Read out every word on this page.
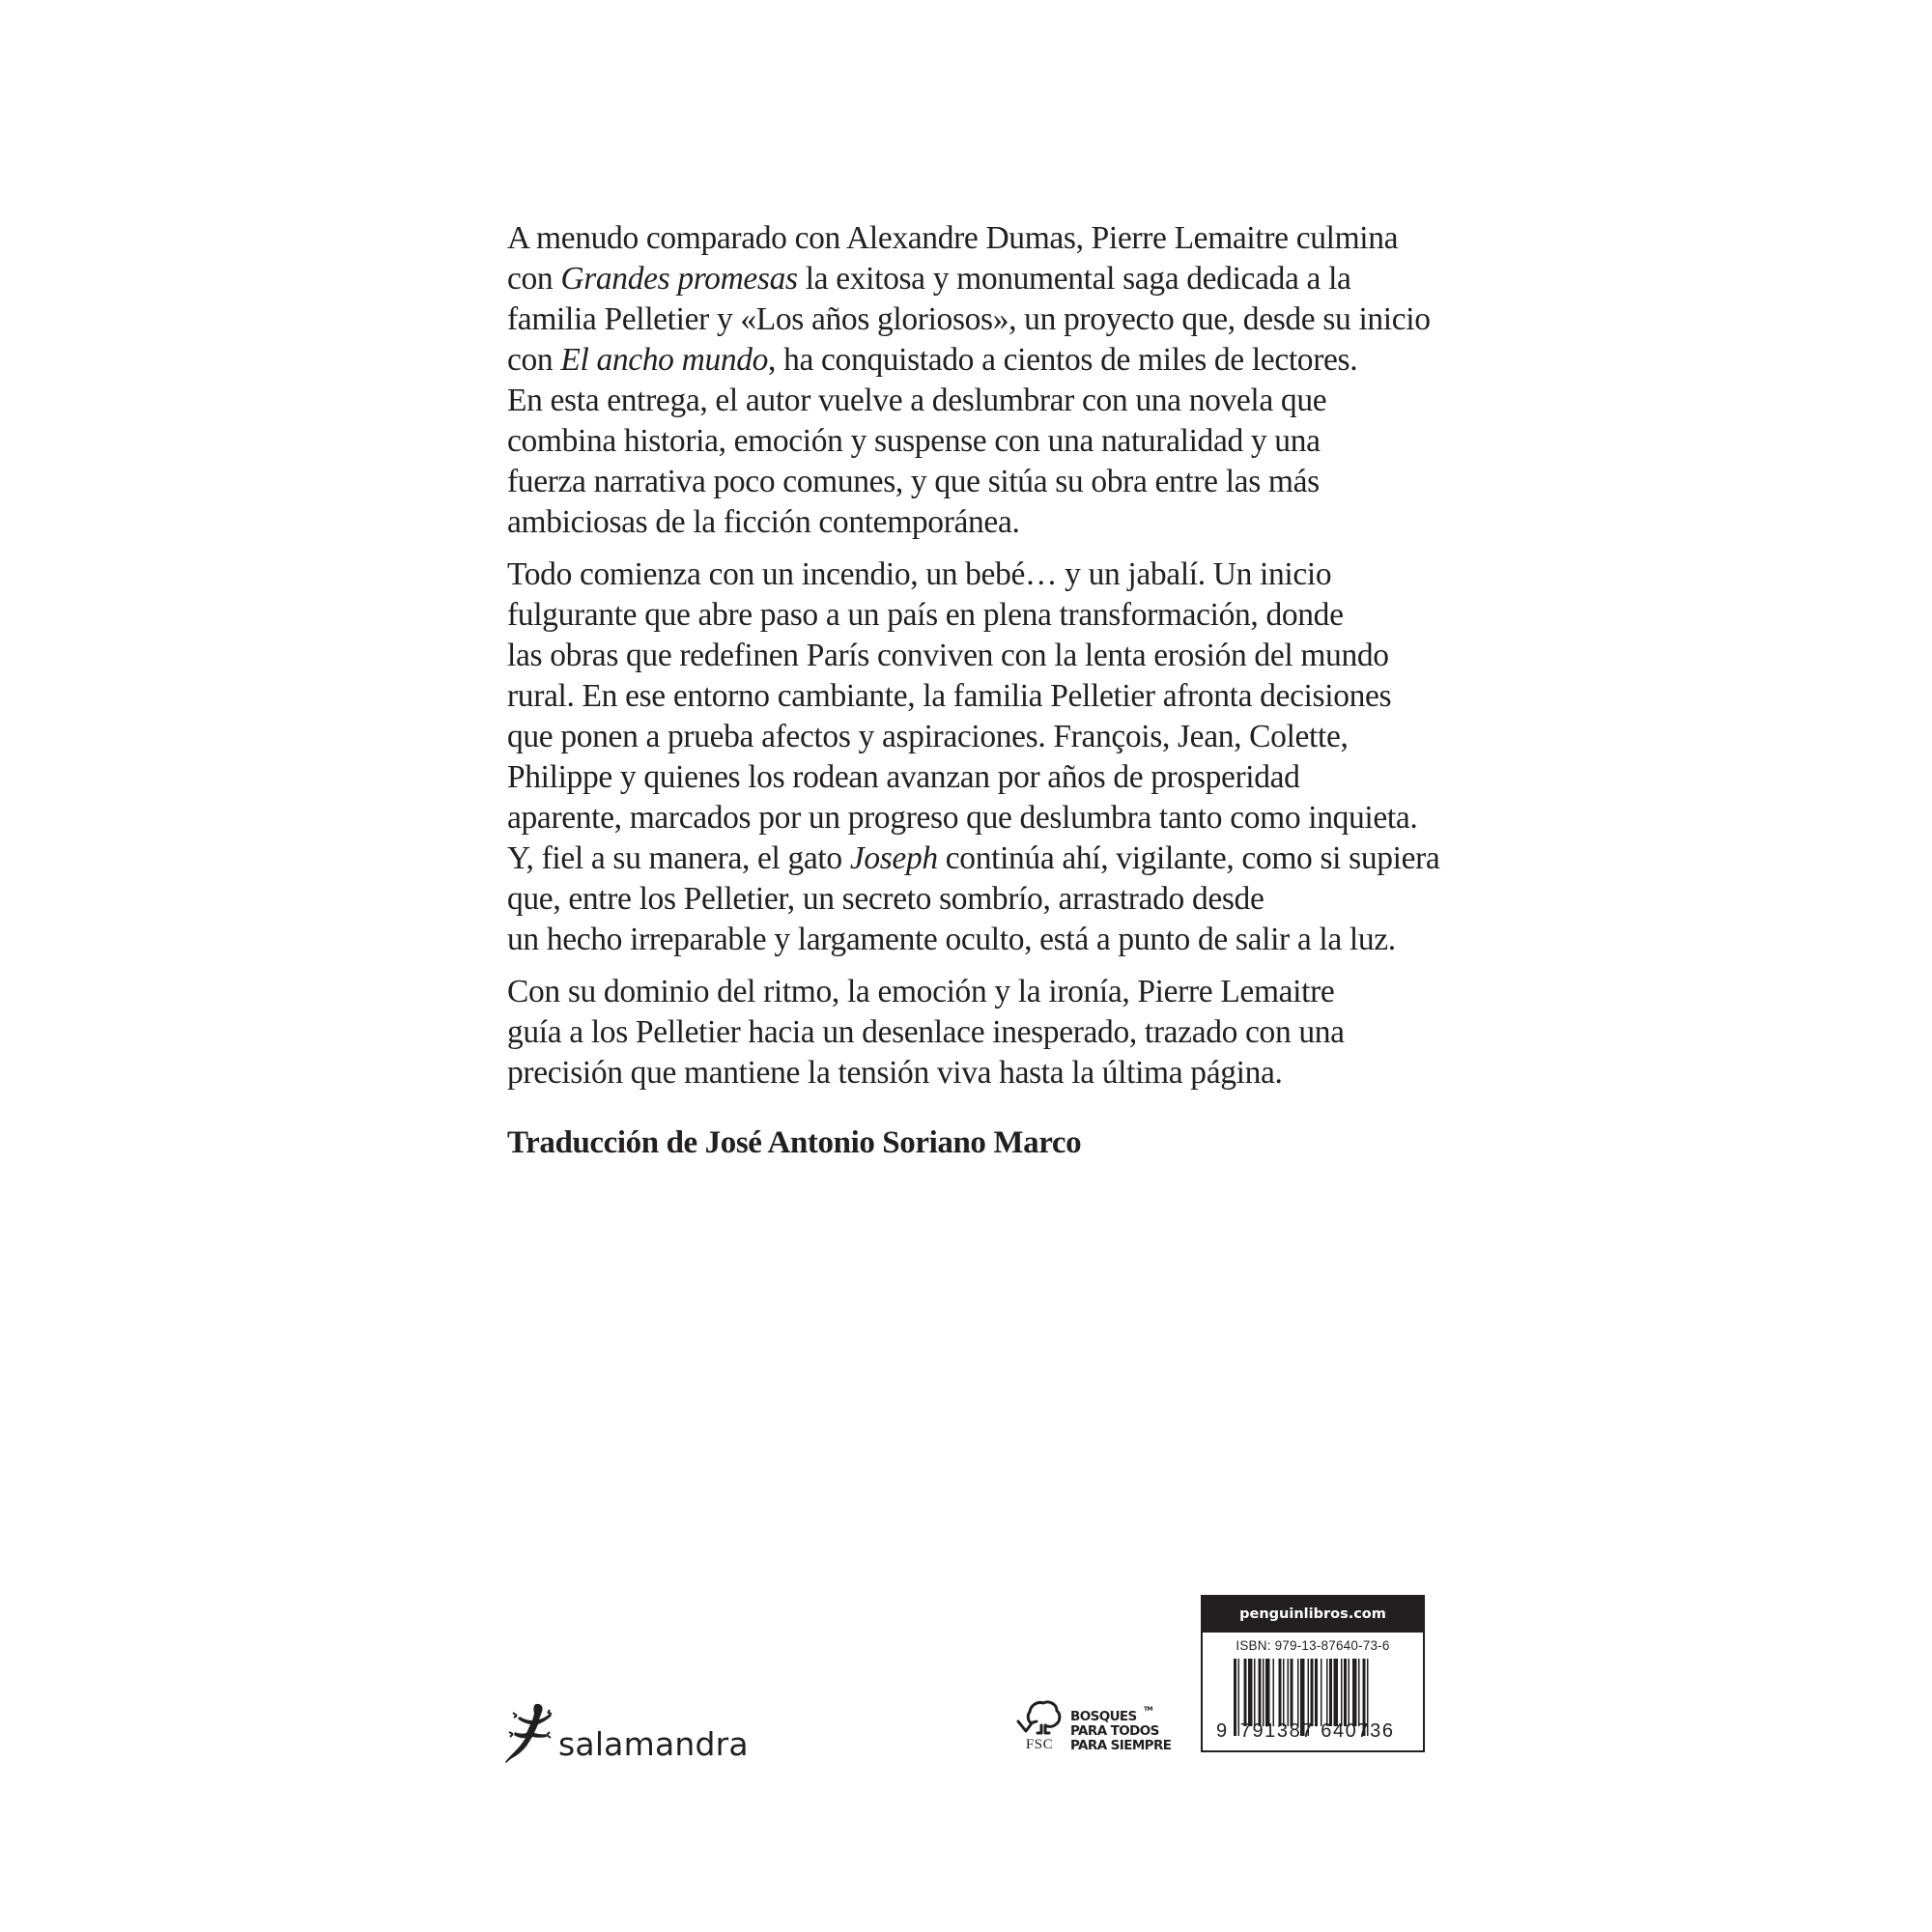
A menudo comparado con Alexandre Dumas, Pierre Lemaitre culmina
con Grandes promesas la exitosa y monumental saga dedicada a la
familia Pelletier y «Los años gloriosos», un proyecto que, desde su inicio
con El ancho mundo, ha conquistado a cientos de miles de lectores.
En esta entrega, el autor vuelve a deslumbrar con una novela que
combina historia, emoción y suspense con una naturalidad y una
fuerza narrativa poco comunes, y que sitúa su obra entre las más
ambiciosas de la ficción contemporánea.

Todo comienza con un incendio, un bebé… y un jabalí. Un inicio
fulgurante que abre paso a un país en plena transformación, donde
las obras que redefinen París conviven con la lenta erosión del mundo
rural. En ese entorno cambiante, la familia Pelletier afronta decisiones
que ponen a prueba afectos y aspiraciones. François, Jean, Colette,
Philippe y quienes los rodean avanzan por años de prosperidad
aparente, marcados por un progreso que deslumbra tanto como inquieta.
Y, fiel a su manera, el gato Joseph continúa ahí, vigilante, como si supiera
que, entre los Pelletier, un secreto sombrío, arrastrado desde
un hecho irreparable y largamente oculto, está a punto de salir a la luz.

Con su dominio del ritmo, la emoción y la ironía, Pierre Lemaitre
guía a los Pelletier hacia un desenlace inesperado, trazado con una
precisión que mantiene la tensión viva hasta la última página.

Traducción de José Antonio Soriano Marco
salamandra	FSC
TM
BOSQUES
PARA TODOS
PARA SIEMPRE
penguinlibros.com
ISBN: 979-13-87640-73-6
9 791387 640736
